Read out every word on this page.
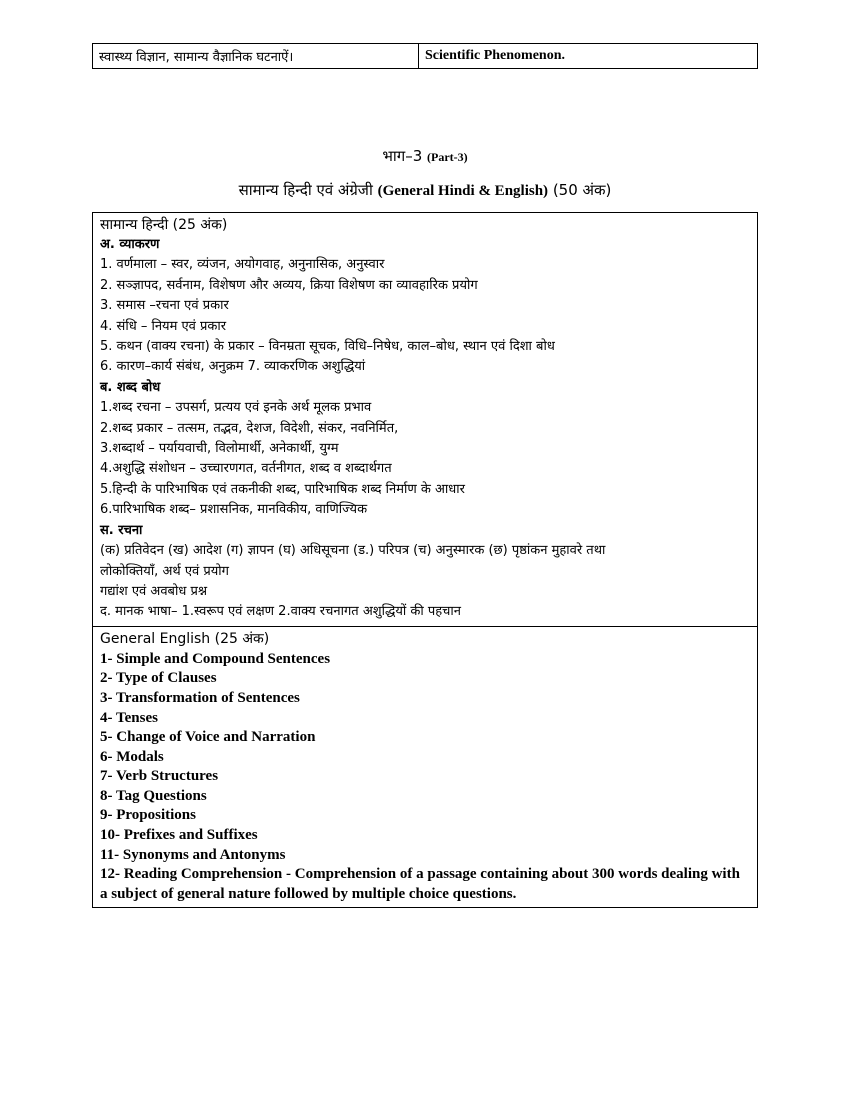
स्वास्थ्य विज्ञान, सामान्य वैज्ञानिक घटनाऐं।	Scientific Phenomenon.
भाग–3 (Part-3)
सामान्य हिन्दी एवं अंग्रेजी (General Hindi & English) (50 अंक)
सामान्य हिन्दी (25 अंक)
अ. व्याकरण
1. वर्णमाला – स्वर, व्यंजन, अयोगवाह, अनुनासिक, अनुस्वार
2. सञ्ज्ञापद, सर्वनाम, विशेषण और अव्यय, क्रिया विशेषण का व्यावहारिक प्रयोग
3. समास –रचना एवं प्रकार
4. संधि – नियम एवं प्रकार
5. कथन (वाक्य रचना) के प्रकार – विनम्रता सूचक, विधि–निषेध, काल–बोध, स्थान एवं दिशा बोध
6. कारण–कार्य संबंध, अनुक्रम 7. व्याकरणिक अशुद्धियां
ब. शब्द बोध
1.शब्द रचना – उपसर्ग, प्रत्यय एवं इनके अर्थ मूलक प्रभाव
2.शब्द प्रकार – तत्सम, तद्भव, देशज, विदेशी, संकर, नवनिर्मित,
3.शब्दार्थ – पर्यायवाची, विलोमार्थी, अनेकार्थी, युग्म
4.अशुद्धि संशोधन – उच्चारणगत, वर्तनीगत, शब्द व शब्दार्थगत
5.हिन्दी के पारिभाषिक एवं तकनीकी शब्द, पारिभाषिक शब्द निर्माण के आधार
6.पारिभाषिक शब्द– प्रशासनिक, मानविकीय, वाणिज्यिक
स. रचना
(क) प्रतिवेदन (ख) आदेश (ग) ज्ञापन (घ) अधिसूचना (ड.) परिपत्र (च) अनुस्मारक (छ) पृष्ठांकन मुहावरे तथा
लोकोक्तियाँ, अर्थ एवं प्रयोग
गद्यांश एवं अवबोध प्रश्न
द. मानक भाषा– 1.स्वरूप एवं लक्षण 2.वाक्य रचनागत अशुद्धियों की पहचान
General English (25 अंक)
1- Simple and Compound Sentences
2- Type of Clauses
3- Transformation of Sentences
4- Tenses
5- Change of Voice and Narration
6- Modals
7- Verb Structures
8- Tag Questions
9- Propositions
10- Prefixes and Suffixes
11- Synonyms and Antonyms
12- Reading Comprehension - Comprehension of a passage containing about 300 words dealing with a subject of general nature followed by multiple choice questions.
